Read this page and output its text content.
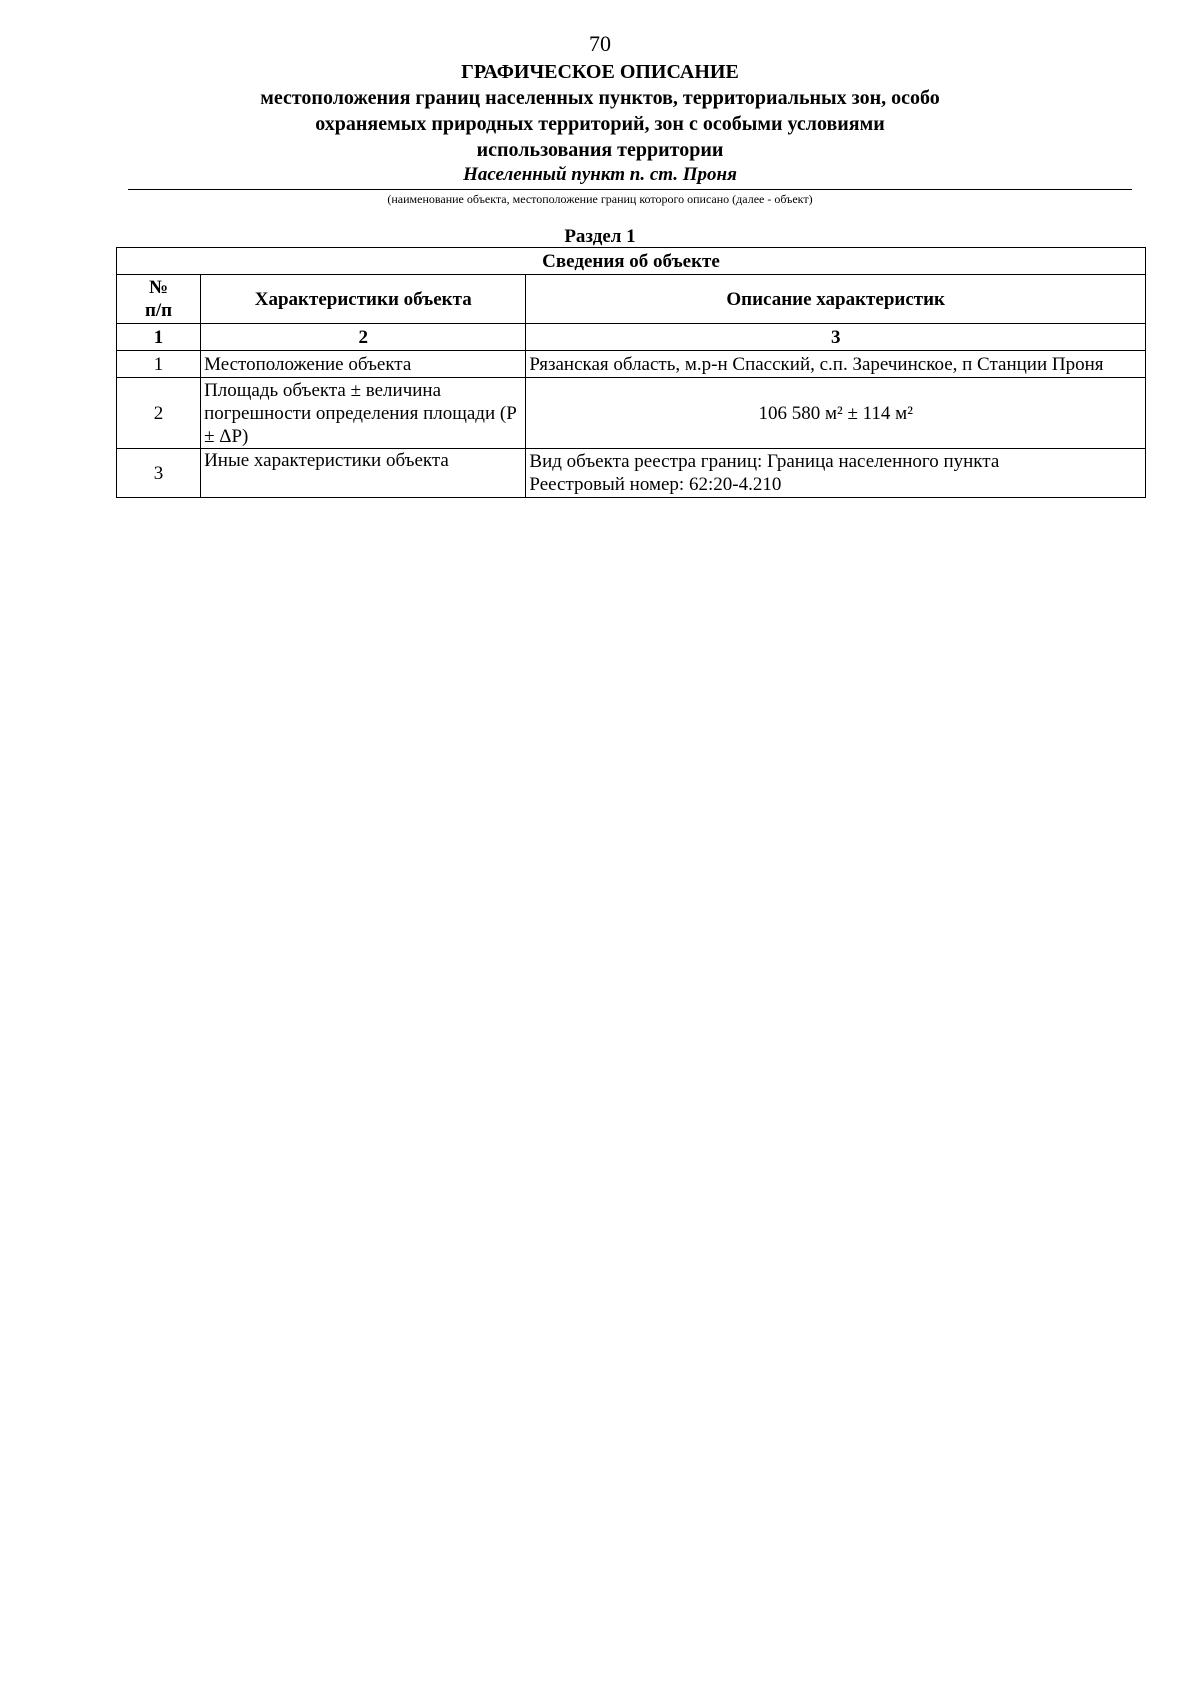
70
ГРАФИЧЕСКОЕ ОПИСАНИЕ
местоположения границ населенных пунктов, территориальных зон, особо охраняемых природных территорий, зон с особыми условиями использования территории
Населенный пункт п. ст. Проня
(наименование объекта, местоположение границ которого описано (далее - объект)
Раздел 1
Сведения об объекте		
№
п/п	Характеристики объекта	Описание характеристик
1	2	3
1	Местоположение объекта	Рязанская область, м.р-н Спасский, с.п. Заречинское, п Станции Проня
2	Площадь объекта ± величина погрешности определения площади (Р ± ΔР)	106 580 м² ± 114 м²
3	Иные характеристики объекта	Вид объекта реестра границ: Граница населенного пункта
Реестровый номер: 62:20-4.210
